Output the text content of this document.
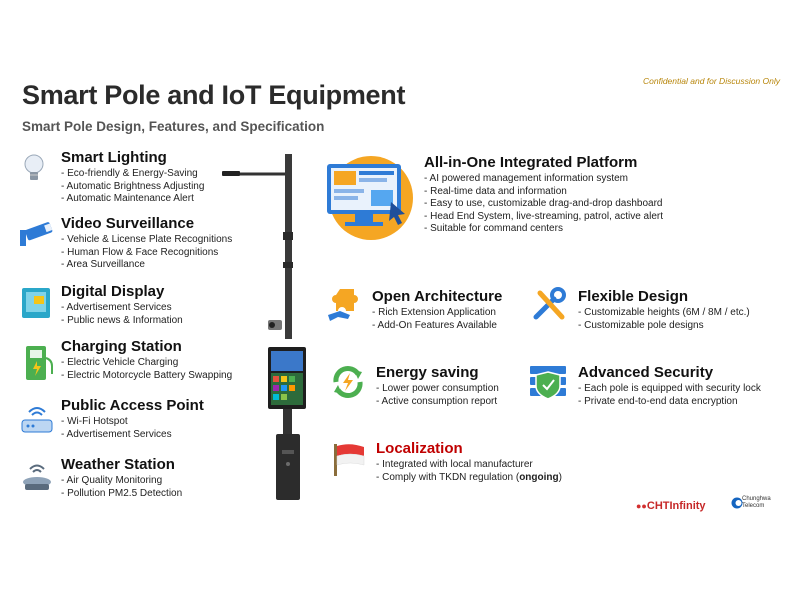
Confidential and for Discussion Only
Smart Pole and IoT Equipment
Smart Pole Design, Features, and Specification
Smart Lighting
- Eco-friendly & Energy-Saving
- Automatic Brightness Adjusting
- Automatic Maintenance Alert
Video Surveillance
- Vehicle & License Plate Recognitions
- Human Flow & Face Recognitions
- Area Surveillance
Digital Display
- Advertisement Services
- Public news & Information
Charging Station
- Electric Vehicle Charging
- Electric Motorcycle Battery Swapping
Public Access Point
- Wi-Fi Hotspot
- Advertisement Services
Weather Station
- Air Quality Monitoring
- Pollution PM2.5 Detection
All-in-One Integrated Platform
- AI powered management information system
- Real-time data and information
- Easy to use, customizable drag-and-drop dashboard
- Head End System, live-streaming, patrol, active alert
- Suitable for command centers
Open Architecture
- Rich Extension Application
- Add-On Features Available
Flexible Design
- Customizable heights (6M / 8M / etc.)
- Customizable pole designs
Energy saving
- Lower power consumption
- Active consumption report
Advanced Security
- Each pole is equipped with security lock
- Private end-to-end data encryption
Localization
- Integrated with local manufacturer
- Comply with TKDN regulation (ongoing)
●●CHTInfinity
Chunghwa
Telecom
